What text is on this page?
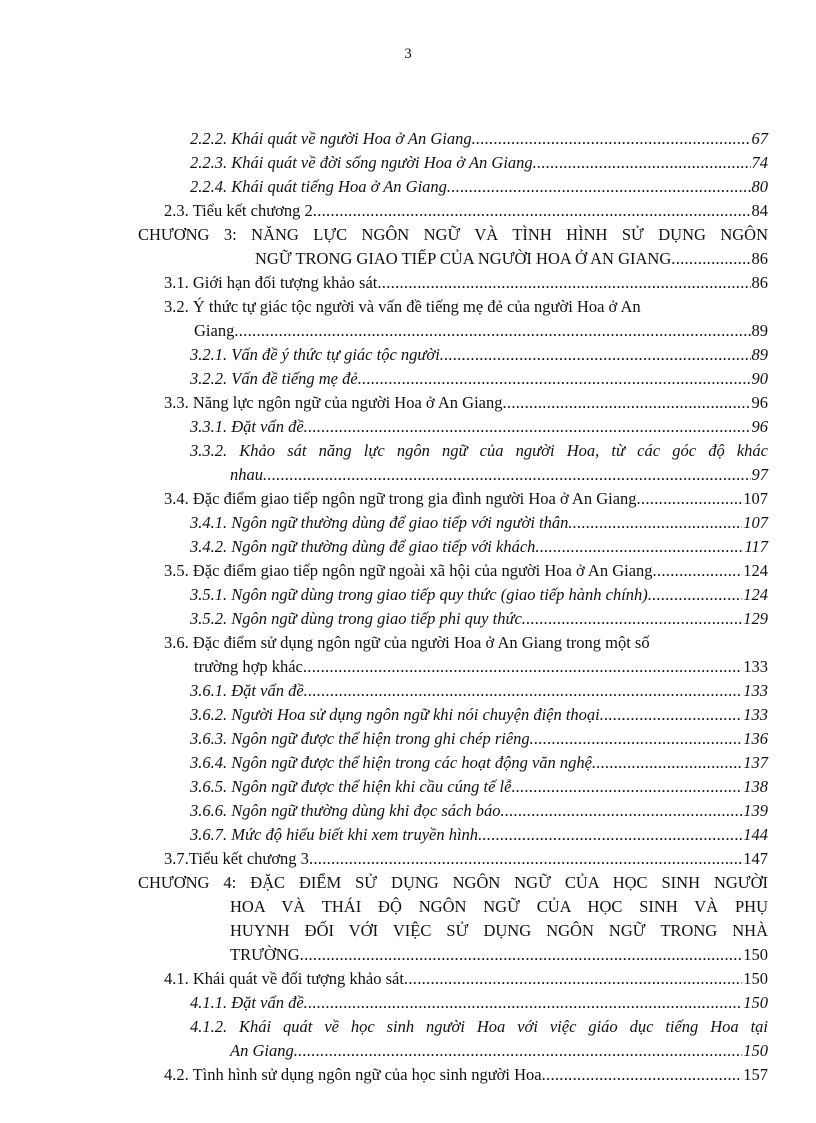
3
2.2.2. Khái quát về người Hoa ở An Giang .....	67
2.2.3. Khái quát về đời sống người Hoa ở An Giang .....	74
2.2.4. Khái quát tiếng Hoa ở An Giang .....	80
2.3. Tiểu kết chương 2 .....	84
CHƯƠNG 3: NĂNG LỰC NGÔN NGỮ VÀ TÌNH HÌNH SỬ DỤNG NGÔN
NGỮ TRONG GIAO TIẾP CỦA NGƯỜI HOA Ở AN GIANG .....	86
3.1. Giới hạn đối tượng khảo sát .....	86
3.2. Ý thức tự giác tộc người và vấn đề tiếng mẹ đẻ của người Hoa ở An
Giang .....	89
3.2.1. Vấn đề ý thức tự giác tộc người .....	89
3.2.2. Vấn đề tiếng mẹ đẻ .....	90
3.3. Năng lực ngôn ngữ của người Hoa ở An Giang .....	96
3.3.1. Đặt vấn đề .....	96
3.3.2. Khảo sát năng lực ngôn ngữ của người Hoa, từ các góc độ khác
nhau .....	97
3.4. Đặc điểm giao tiếp ngôn ngữ trong gia đình người Hoa ở An Giang .....	107
3.4.1. Ngôn ngữ thường dùng để giao tiếp với người thân .....	107
3.4.2. Ngôn ngữ thường dùng để giao tiếp với khách .....	117
3.5. Đặc điểm giao tiếp ngôn ngữ ngoài xã hội của người Hoa ở An Giang .....	124
3.5.1. Ngôn ngữ dùng trong giao tiếp quy thức (giao tiếp hành chính) .....	124
3.5.2. Ngôn ngữ dùng trong giao tiếp phi quy thức .....	129
3.6. Đặc điểm sử dụng ngôn ngữ của người Hoa ở An Giang trong một số
trường hợp khác .....	133
3.6.1. Đặt vấn đề .....	133
3.6.2. Người Hoa sử dụng ngôn ngữ khi nói chuyện điện thoại .....	133
3.6.3. Ngôn ngữ được thể hiện trong ghi chép riêng .....	136
3.6.4. Ngôn ngữ được thể hiện trong các hoạt động văn nghệ .....	137
3.6.5. Ngôn ngữ được thể hiện khi cầu cúng tế lễ .....	138
3.6.6. Ngôn ngữ thường dùng khi đọc sách báo .....	139
3.6.7. Mức độ hiểu biết khi xem truyền hình .....	144
3.7.Tiểu kết chương 3 .....	147
CHƯƠNG 4: ĐẶC ĐIỂM SỬ DỤNG NGÔN NGỮ CỦA HỌC SINH NGƯỜI
HOA VÀ THÁI ĐỘ NGÔN NGỮ CỦA HỌC SINH VÀ PHỤ
HUYNH ĐỐI VỚI VIỆC SỬ DỤNG NGÔN NGỮ TRONG NHÀ
TRƯỜNG .....	150
4.1. Khái quát về đối tượng khảo sát .....	150
4.1.1. Đặt vấn đề .....	150
4.1.2. Khái quát về học sinh người Hoa với việc giáo dục tiếng Hoa tại
An Giang .....	150
4.2. Tình hình sử dụng ngôn ngữ của học sinh người Hoa .....	157
